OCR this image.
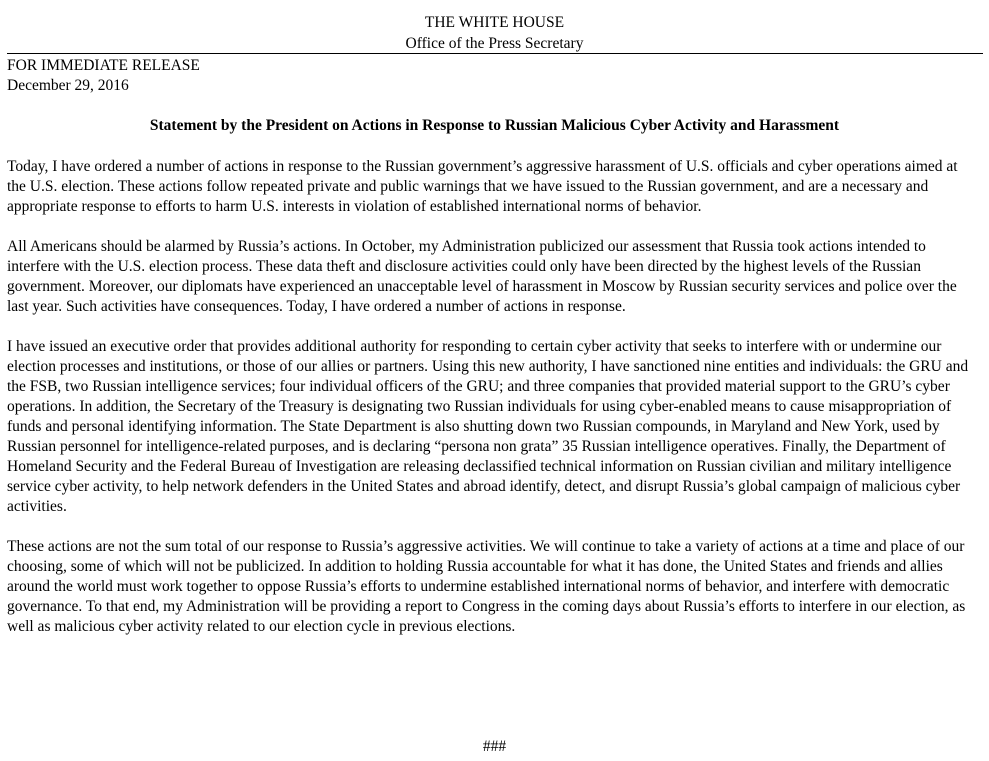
THE WHITE HOUSE
Office of the Press Secretary
FOR IMMEDIATE RELEASE
December 29, 2016
Statement by the President on Actions in Response to Russian Malicious Cyber Activity and Harassment

Today, I have ordered a number of actions in response to the Russian government’s aggressive harassment of U.S. officials and cyber operations aimed at the U.S. election. These actions follow repeated private and public warnings that we have issued to the Russian government, and are a necessary and appropriate response to efforts to harm U.S. interests in violation of established international norms of behavior.

All Americans should be alarmed by Russia’s actions. In October, my Administration publicized our assessment that Russia took actions intended to interfere with the U.S. election process. These data theft and disclosure activities could only have been directed by the highest levels of the Russian government. Moreover, our diplomats have experienced an unacceptable level of harassment in Moscow by Russian security services and police over the last year. Such activities have consequences. Today, I have ordered a number of actions in response.

I have issued an executive order that provides additional authority for responding to certain cyber activity that seeks to interfere with or undermine our election processes and institutions, or those of our allies or partners. Using this new authority, I have sanctioned nine entities and individuals: the GRU and the FSB, two Russian intelligence services; four individual officers of the GRU; and three companies that provided material support to the GRU’s cyber operations. In addition, the Secretary of the Treasury is designating two Russian individuals for using cyber-enabled means to cause misappropriation of funds and personal identifying information. The State Department is also shutting down two Russian compounds, in Maryland and New York, used by Russian personnel for intelligence-related purposes, and is declaring “persona non grata” 35 Russian intelligence operatives. Finally, the Department of Homeland Security and the Federal Bureau of Investigation are releasing declassified technical information on Russian civilian and military intelligence service cyber activity, to help network defenders in the United States and abroad identify, detect, and disrupt Russia’s global campaign of malicious cyber activities.

These actions are not the sum total of our response to Russia’s aggressive activities. We will continue to take a variety of actions at a time and place of our choosing, some of which will not be publicized. In addition to holding Russia accountable for what it has done, the United States and friends and allies around the world must work together to oppose Russia’s efforts to undermine established international norms of behavior, and interfere with democratic governance. To that end, my Administration will be providing a report to Congress in the coming days about Russia’s efforts to interfere in our election, as well as malicious cyber activity related to our election cycle in previous elections.

###
